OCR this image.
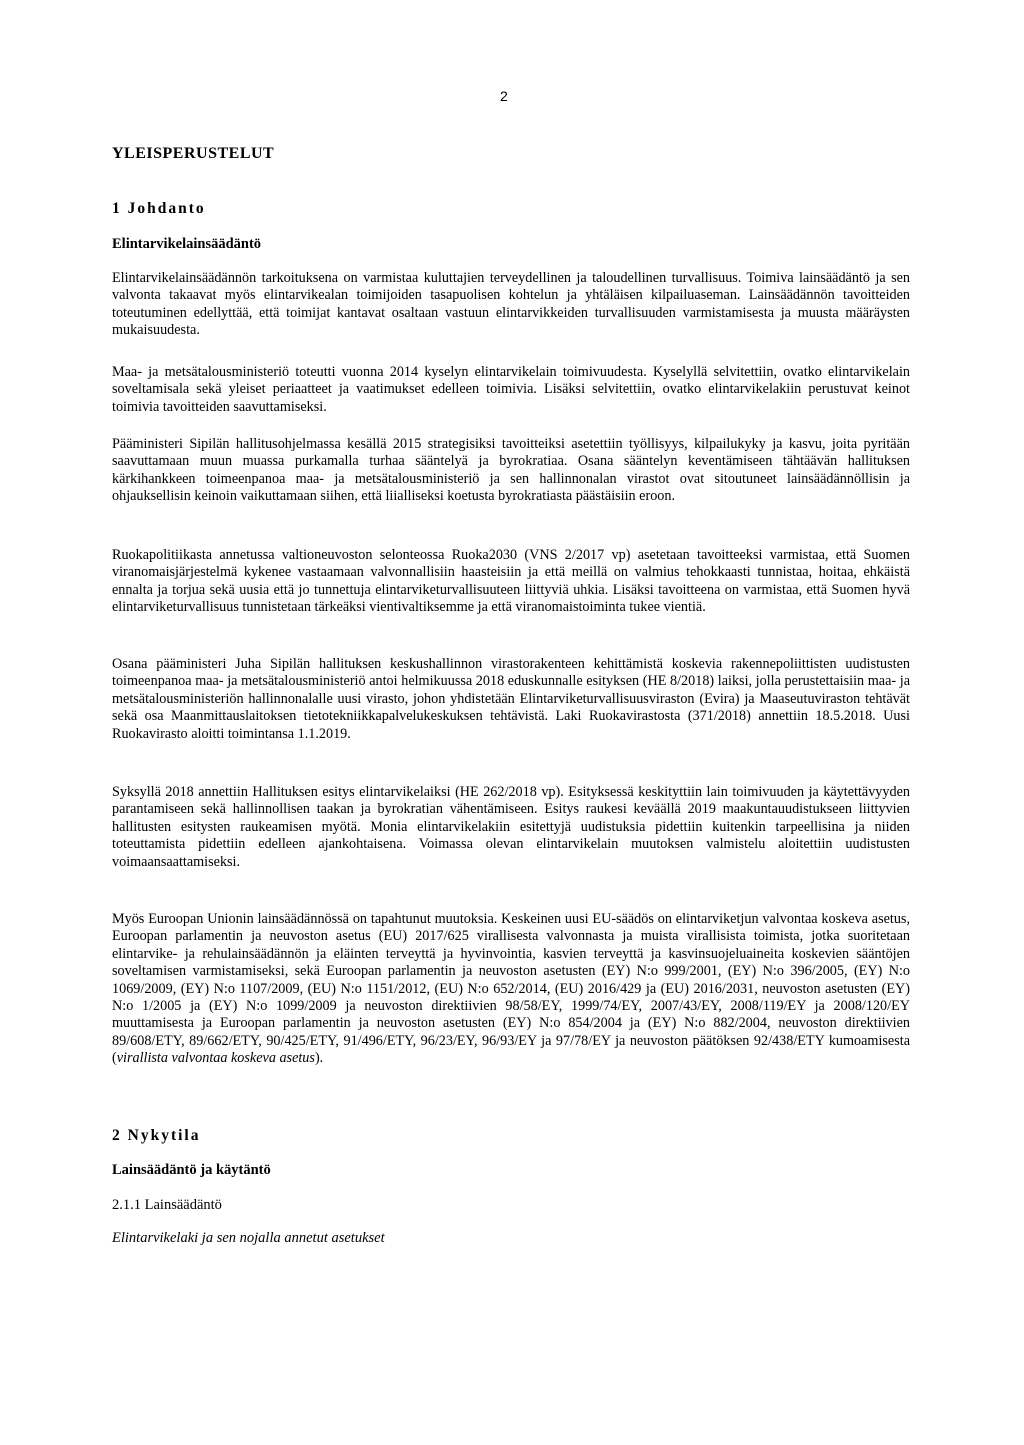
2
YLEISPERUSTELUT
1 Johdanto
Elintarvikelainsäädäntö

Elintarvikelainsäädännön tarkoituksena on varmistaa kuluttajien terveydellinen ja taloudellinen turvallisuus. Toimiva lainsäädäntö ja sen valvonta takaavat myös elintarvikealan toimijoiden tasapuolisen kohtelun ja yhtäläisen kilpailuaseman. Lainsäädännön tavoitteiden toteutuminen edellyttää, että toimijat kantavat osaltaan vastuun elintarvikkeiden turvallisuuden varmistamisesta ja muusta määräysten mukaisuudesta.

Maa- ja metsätalousministeriö toteutti vuonna 2014 kyselyn elintarvikelain toimivuudesta. Kyselyllä selvitettiin, ovatko elintarvikelain soveltamisala sekä yleiset periaatteet ja vaatimukset edelleen toimivia. Lisäksi selvitettiin, ovatko elintarvikelakiin perustuvat keinot toimivia tavoitteiden saavuttamiseksi.

Pääministeri Sipilän hallitusohjelmassa kesällä 2015 strategisiksi tavoitteiksi asetettiin työllisyys, kilpailukyky ja kasvu, joita pyritään saavuttamaan muun muassa purkamalla turhaa sääntelyä ja byrokratiaa. Osana sääntelyn keventämiseen tähtäävän hallituksen kärkihankkeen toimeenpanoa maa- ja metsätalousministeriö ja sen hallinnonalan virastot ovat sitoutuneet lainsäädännöllisin ja ohjauksellisin keinoin vaikuttamaan siihen, että liialliseksi koetusta byrokratiasta päästäisiin eroon.

Ruokapolitiikasta annetussa valtioneuvoston selonteossa Ruoka2030 (VNS 2/2017 vp) asetetaan tavoitteeksi varmistaa, että Suomen viranomaisjärjestelmä kykenee vastaamaan valvonnallisiin haasteisiin ja että meillä on valmius tehokkaasti tunnistaa, hoitaa, ehkäistä ennalta ja torjua sekä uusia että jo tunnettuja elintarviketurvallisuuteen liittyviä uhkia. Lisäksi tavoitteena on varmistaa, että Suomen hyvä elintarviketurvallisuus tunnistetaan tärkeäksi vientivaltiksemme ja että viranomaistoiminta tukee vientiä.

Osana pääministeri Juha Sipilän hallituksen keskushallinnon virastorakenteen kehittämistä koskevia rakennepoliittisten uudistusten toimeenpanoa maa- ja metsätalousministeriö antoi helmikuussa 2018 eduskunnalle esityksen (HE 8/2018) laiksi, jolla perustettaisiin maa- ja metsätalousministeriön hallinnonalalle uusi virasto, johon yhdistetään Elintarviketurvallisuusviraston (Evira) ja Maaseutuviraston tehtävät sekä osa Maanmittauslaitoksen tietotekniikkapalvelukeskuksen tehtävistä. Laki Ruokavirastosta (371/2018) annettiin 18.5.2018. Uusi Ruokavirasto aloitti toimintansa 1.1.2019.

Syksyllä 2018 annettiin Hallituksen esitys elintarvikelaiksi (HE 262/2018 vp). Esityksessä keskityttiin lain toimivuuden ja käytettävyyden parantamiseen sekä hallinnollisen taakan ja byrokratian vähentämiseen. Esitys raukesi keväällä 2019 maakuntauudistukseen liittyvien hallitusten esitysten raukeamisen myötä. Monia elintarvikelakiin esitettyjä uudistuksia pidettiin kuitenkin tarpeellisina ja niiden toteuttamista pidettiin edelleen ajankohtaisena. Voimassa olevan elintarvikelain muutoksen valmistelu aloitettiin uudistusten voimaansaattamiseksi.

Myös Euroopan Unionin lainsäädännössä on tapahtunut muutoksia. Keskeinen uusi EU-säädös on elintarviketjun valvontaa koskeva asetus, Euroopan parlamentin ja neuvoston asetus (EU) 2017/625 virallisesta valvonnasta ja muista virallisista toimista, jotka suoritetaan elintarvike- ja rehulainsäädännön ja eläinten terveyttä ja hyvinvointia, kasvien terveyttä ja kasvinsuojeluaineita koskevien sääntöjen soveltamisen varmistamiseksi, sekä Euroopan parlamentin ja neuvoston asetusten (EY) N:o 999/2001, (EY) N:o 396/2005, (EY) N:o 1069/2009, (EY) N:o 1107/2009, (EU) N:o 1151/2012, (EU) N:o 652/2014, (EU) 2016/429 ja (EU) 2016/2031, neuvoston asetusten (EY) N:o 1/2005 ja (EY) N:o 1099/2009 ja neuvoston direktiivien 98/58/EY, 1999/74/EY, 2007/43/EY, 2008/119/EY ja 2008/120/EY muuttamisesta ja Euroopan parlamentin ja neuvoston asetusten (EY) N:o 854/2004 ja (EY) N:o 882/2004, neuvoston direktiivien 89/608/ETY, 89/662/ETY, 90/425/ETY, 91/496/ETY, 96/23/EY, 96/93/EY ja 97/78/EY ja neuvoston päätöksen 92/438/ETY kumoamisesta (virallista valvontaa koskeva asetus).

2 Nykytila
Lainsäädäntö ja käytäntö

2.1.1 Lainsäädäntö

Elintarvikelaki ja sen nojalla annetut asetukset
